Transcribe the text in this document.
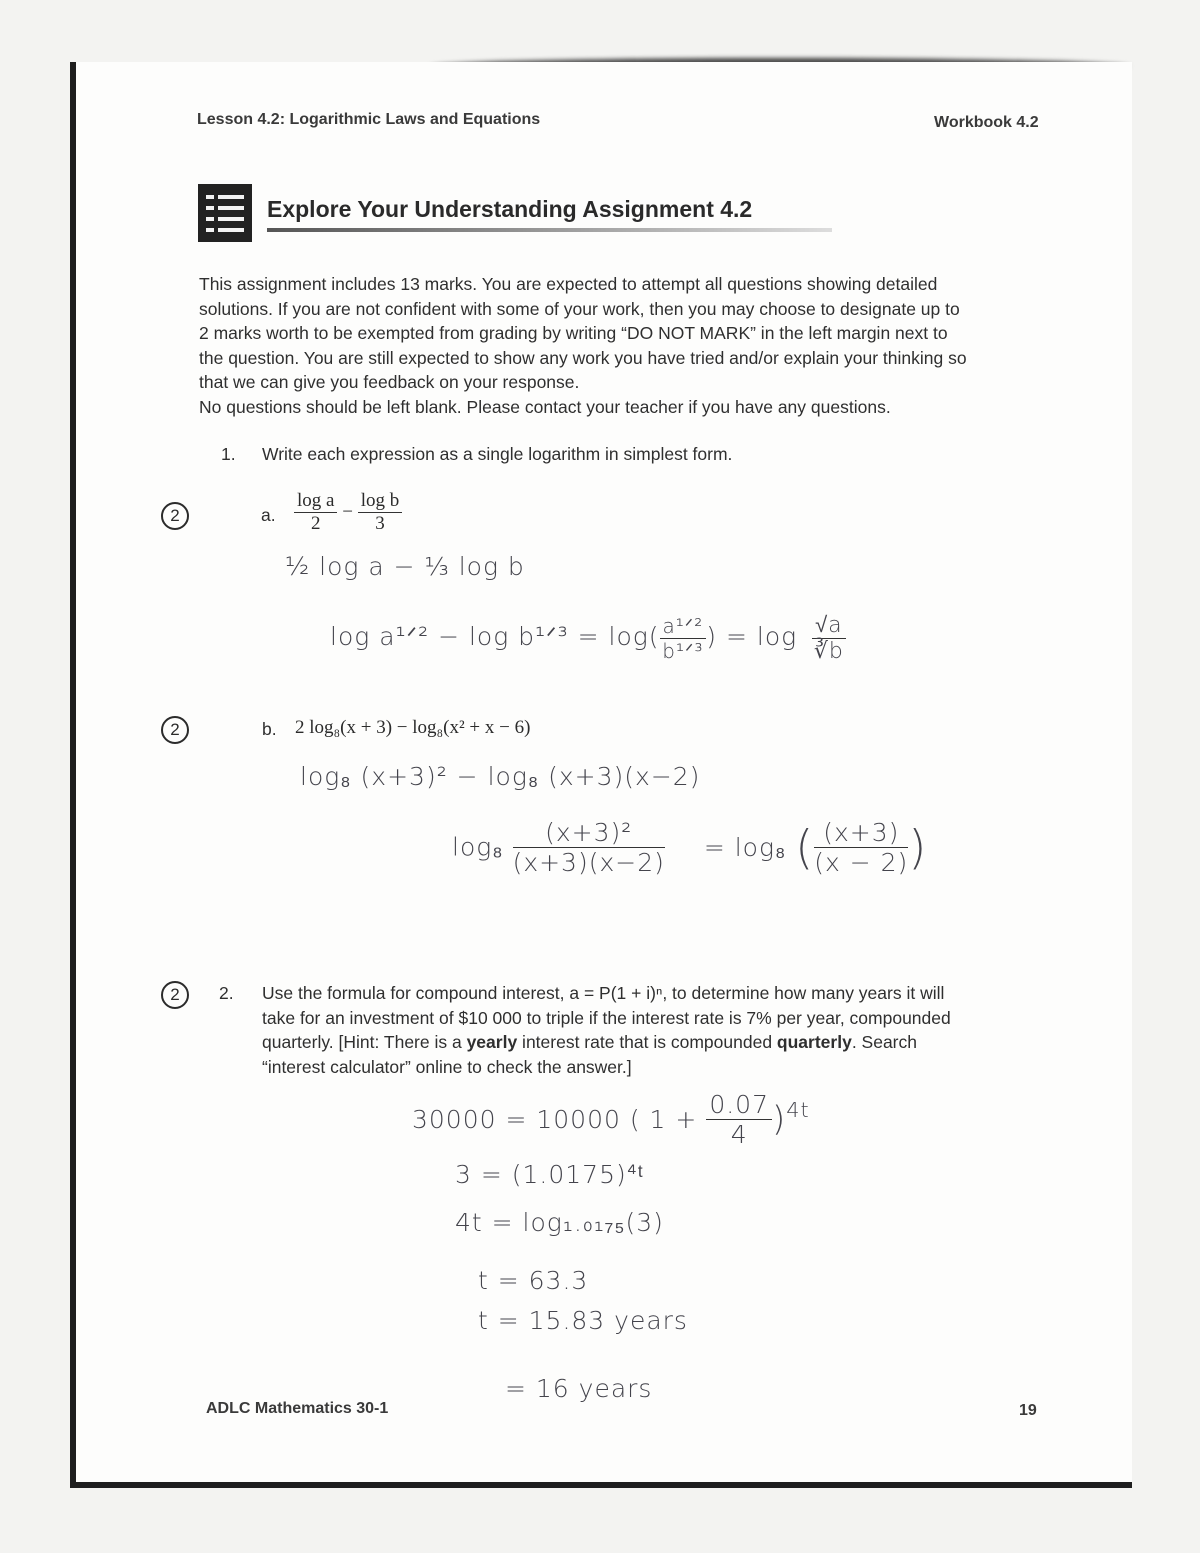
Lesson 4.2: Logarithmic Laws and Equations	Workbook 4.2
Explore Your Understanding Assignment 4.2
This assignment includes 13 marks. You are expected to attempt all questions showing detailed
solutions. If you are not confident with some of your work, then you may choose to designate up to
2 marks worth to be exempted from grading by writing “DO NOT MARK” in the left margin next to
the question. You are still expected to show any work you have tried and/or explain your thinking so
that we can give you feedback on your response.
No questions should be left blank. Please contact your teacher if you have any questions.
1. Write each expression as a single logarithm in simplest form.
2	a. $\frac{\text{log a}}{2} - \frac{\text{log b}}{3}$
½ log a − ⅓ log b
log a¹ᐟ² − log b¹ᐟ³ = $\log( \frac{\text{a¹ᐟ²}}{\text{b¹ᐟ³}}$ ) = $\log \frac{√a}{∛b}$
2	b. 2 log₈(x + 3) − log₈(x² + x − 6)
log₈ (x+3)² − log₈ (x+3)(x−2)
$\log_8 \frac{\text{(x+3)²}}{(x+3)(x-2)} = \log_8$ ( $\frac{(x+3)}{(x - 2)}$ )
2	2. Use the formula for compound interest, a = P(1 + i)ⁿ, to determine how many years it will
take for an investment of $10 000 to triple if the interest rate is 7% per year, compounded
quarterly. [Hint: There is a yearly interest rate that is compounded quarterly. Search
“interest calculator” online to check the answer.]
30000 = 10000 ( $1 + \frac{0.07}{4} )^{4t}$
3 = (1.0175)⁴ᵗ
4t = log₁.₀₁₇₅(3)
t = 63.3
t = 15.83 years
= 16 years
ADLC Mathematics 30-1	19
